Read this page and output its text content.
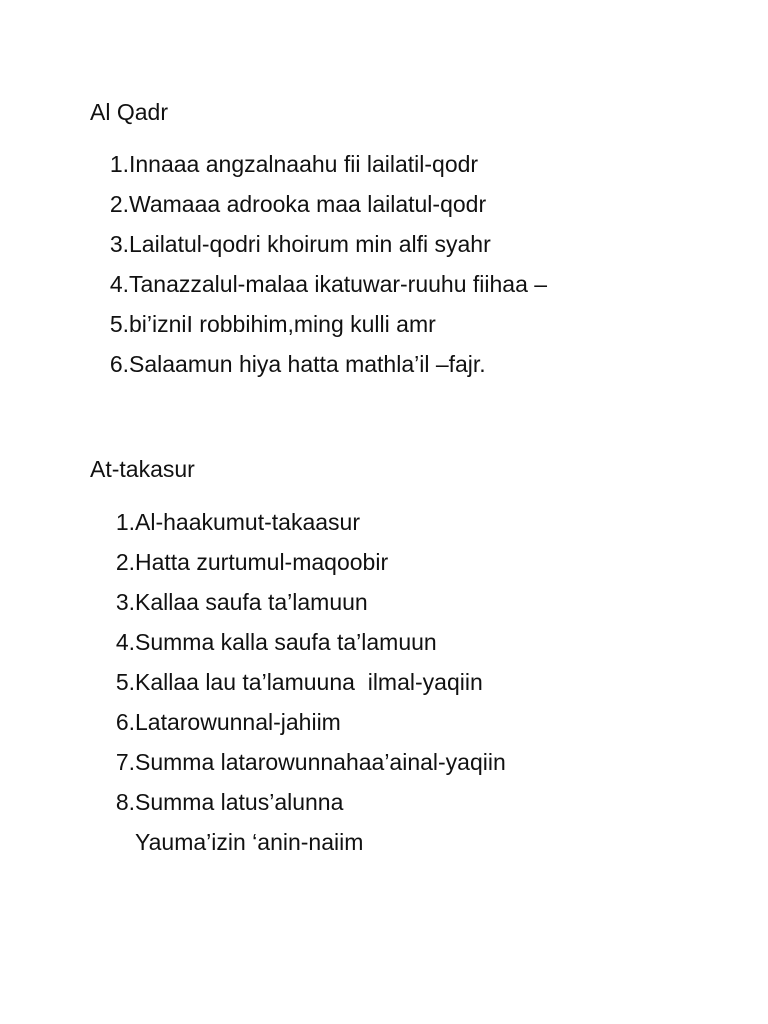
Al Qadr
1. Innaaa angzalnaahu fii lailatil-qodr
2. Wamaaa adrooka maa lailatul-qodr
3. Lailatul-qodri khoirum min alfi syahr
4. Tanazzalul-malaa ikatuwar-ruuhu fiihaa –
5. bi’izniI robbihim,ming kulli amr
6. Salaamun hiya hatta mathla’il –fajr.
At-takasur
1. Al-haakumut-takaasur
2. Hatta zurtumul-maqoobir
3. Kallaa saufa ta’lamuun
4. Summa kalla saufa ta’lamuun
5. Kallaa lau ta’lamuuna  ilmal-yaqiin
6. Latarowunnal-jahiim
7. Summa latarowunnahaa’ainal-yaqiin
8. Summa latus’alunna
Yauma’izin ‘anin-naiim
